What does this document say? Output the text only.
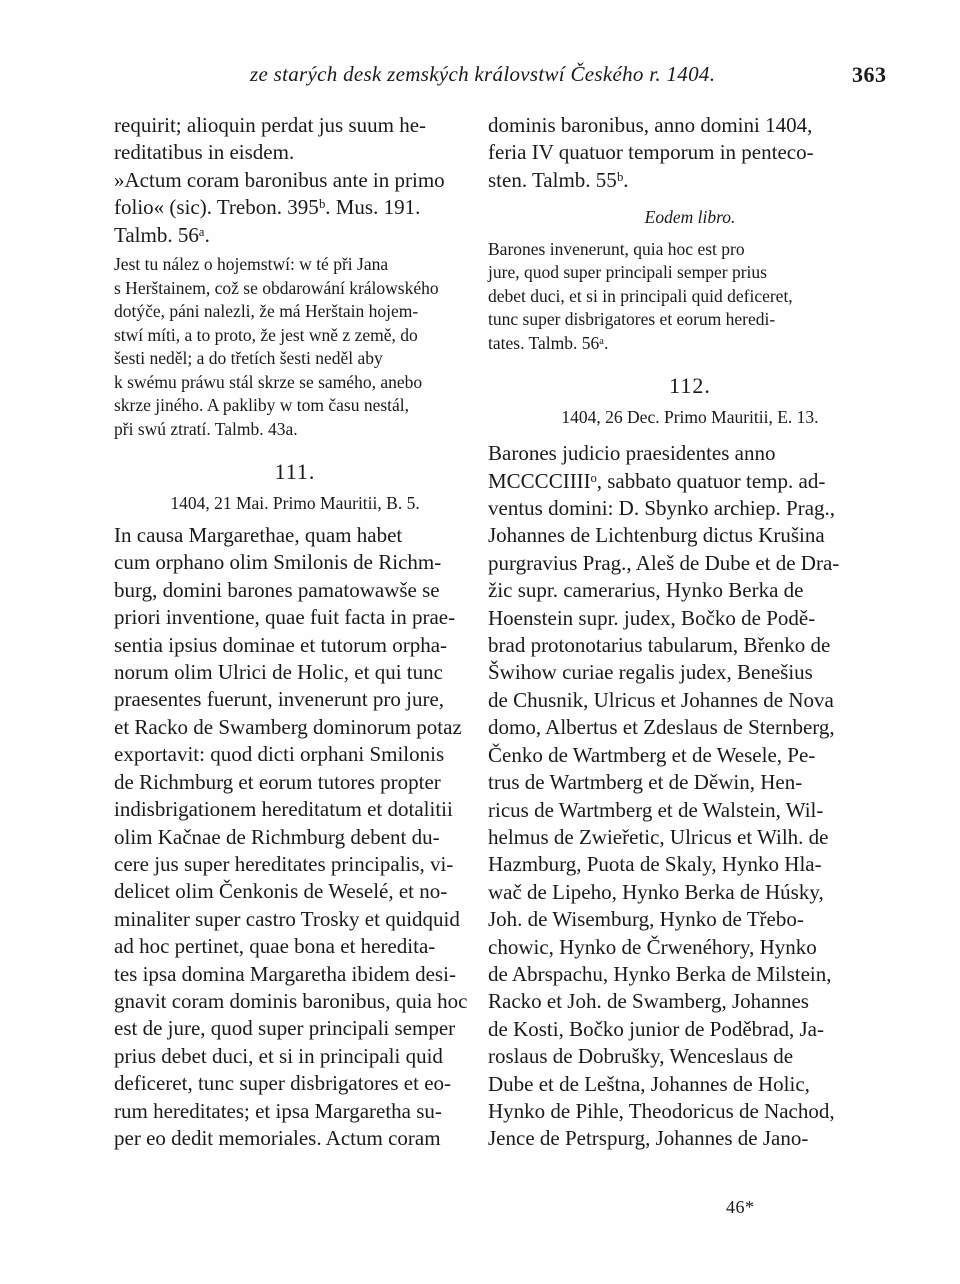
ze starých desk zemských královstwí Českého r. 1404.	363
requirit; alioquin perdat jus suum he-
reditatibus in eisdem.
»Actum coram baronibus ante in primo
folio« (sic). Trebon. 395ᵇ. Mus. 191.
Talmb. 56ᵃ.
Jest tu nález o hojemstwí: w té při Jana
s Herštainem, což se obdarowání králowského
dotýče, páni nalezli, že má Herštain hojem-
stwí míti, a to proto, že jest wně z země, do
šesti neděl; a do třetích šesti neděl aby
k swému práwu stál skrze se samého, anebo
skrze jiného. A pakliby w tom času nestál,
při swú ztratí. Talmb. 43a.
111.
1404, 21 Mai. Primo Mauritii, B. 5.
In causa Margarethae, quam habet
cum orphano olim Smilonis de Richm-
burg, domini barones pamatowawše se
priori inventione, quae fuit facta in prae-
sentia ipsius dominae et tutorum orpha-
norum olim Ulrici de Holic, et qui tunc
praesentes fuerunt, invenerunt pro jure,
et Racko de Swamberg dominorum potaz
exportavit: quod dicti orphani Smilonis
de Richmburg et eorum tutores propter
indisbrigationem hereditatum et dotalitii
olim Kačnae de Richmburg debent du-
cere jus super hereditates principalis, vi-
delicet olim Čenkonis de Weselé, et no-
minaliter super castro Trosky et quidquid
ad hoc pertinet, quae bona et heredita-
tes ipsa domina Margaretha ibidem desi-
gnavit coram dominis baronibus, quia hoc
est de jure, quod super principali semper
prius debet duci, et si in principali quid
deficeret, tunc super disbrigatores et eo-
rum hereditates; et ipsa Margaretha su-
per eo dedit memoriales. Actum coram
dominis baronibus, anno domini 1404,
feria IV quatuor temporum in penteco-
sten. Talmb. 55ᵇ.
Eodem libro.
Barones invenerunt, quia hoc est pro
jure, quod super principali semper prius
debet duci, et si in principali quid deficeret,
tunc super disbrigatores et eorum heredi-
tates. Talmb. 56ᵃ.
112.
1404, 26 Dec. Primo Mauritii, E. 13.
Barones judicio praesidentes anno
MCCCCIIIIᵒ, sabbato quatuor temp. ad-
ventus domini: D. Sbynko archiep. Prag.,
Johannes de Lichtenburg dictus Krušina
purgravius Prag., Aleš de Dube et de Dra-
žic supr. camerarius, Hynko Berka de
Hoenstein supr. judex, Bočko de Podě-
brad protonotarius tabularum, Břenko de
Šwihow curiae regalis judex, Benešius
de Chusnik, Ulricus et Johannes de Nova
domo, Albertus et Zdeslaus de Sternberg,
Čenko de Wartmberg et de Wesele, Pe-
trus de Wartmberg et de Děwin, Hen-
ricus de Wartmberg et de Walstein, Wil-
helmus de Zwieřetic, Ulricus et Wilh. de
Hazmburg, Puota de Skaly, Hynko Hla-
wač de Lipeho, Hynko Berka de Húsky,
Joh. de Wisemburg, Hynko de Třebo-
chowic, Hynko de Črwenéhory, Hynko
de Abrspachu, Hynko Berka de Milstein,
Racko et Joh. de Swamberg, Johannes
de Kosti, Bočko junior de Poděbrad, Ja-
roslaus de Dobrušky, Wenceslaus de
Dube et de Leštna, Johannes de Holic,
Hynko de Pihle, Theodoricus de Nachod,
Jence de Petrspurg, Johannes de Jano-
46*
